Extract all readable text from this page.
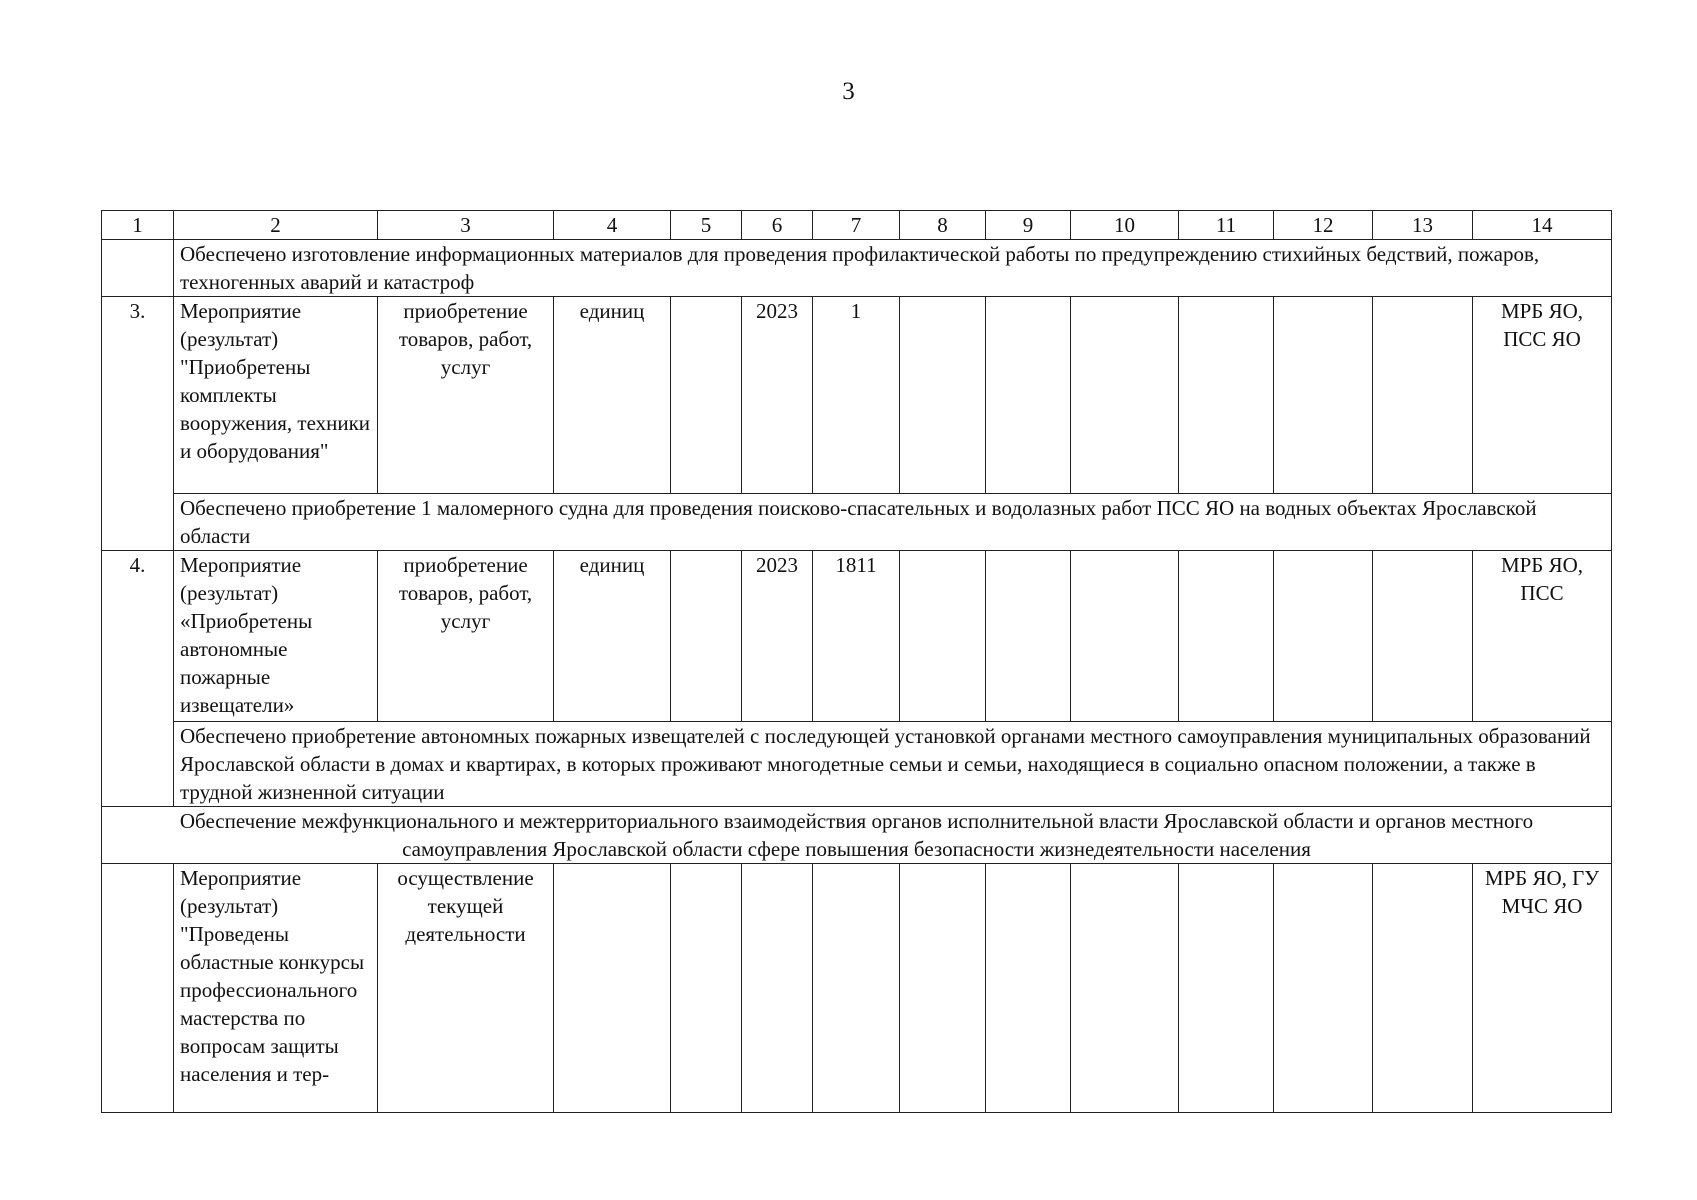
3
1	2	3	4	5	6	7	8	9	10	11	12	13	14
	Обеспечено изготовление информационных материалов для проведения профилактической работы по предупреждению стихийных бедствий, пожаров, техногенных аварий и катастроф												
3.	Мероприятие (результат) "Приобретены комплекты вооружения, техники и оборудования"	приобретение товаров, работ, услуг	единиц		2023	1							МРБ ЯО, ПСС ЯО
	Обеспечено приобретение 1 маломерного судна для проведения поисково-спасательных и водолазных работ ПСС ЯО на водных объектах Ярославской области												
4.	Мероприятие (результат) «Приобретены автономные пожарные извещатели»	приобретение товаров, работ, услуг	единиц		2023	1811							МРБ ЯО, ПСС
	Обеспечено приобретение автономных пожарных извещателей с последующей установкой органами местного самоуправления муниципальных образований Ярославской области в домах и квартирах, в которых проживают многодетные семьи и семьи, находящиеся в социально опасном положении, а также в трудной жизненной ситуации												
Обеспечение межфункционального и межтерриториального взаимодействия органов исполнительной власти Ярославской области и органов местного самоуправления Ярославской области сфере повышения безопасности жизнедеятельности населения													
	Мероприятие (результат) "Проведены областные конкурсы профессионального мастерства по вопросам защиты населения и тер-	осуществление текущей деятельности											МРБ ЯО, ГУ МЧС ЯО
